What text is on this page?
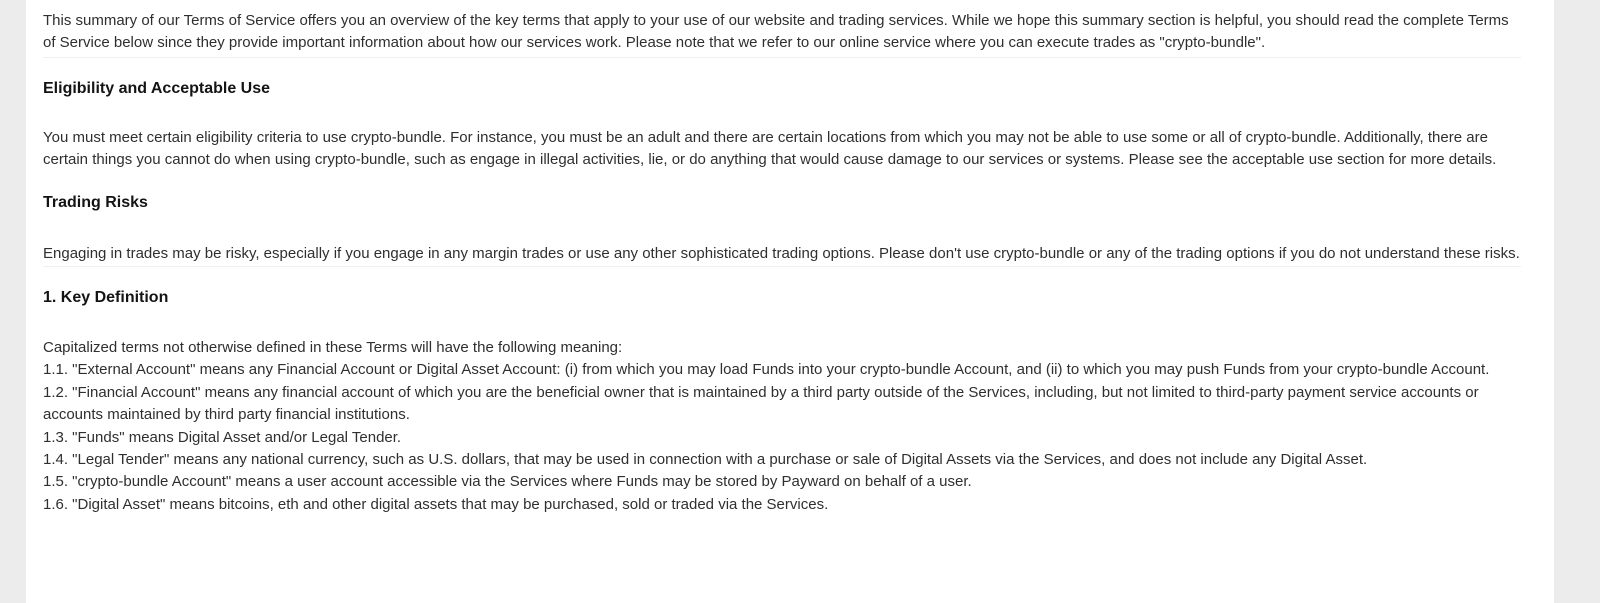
This summary of our Terms of Service offers you an overview of the key terms that apply to your use of our website and trading services. While we hope this summary section is helpful, you should read the complete Terms of Service below since they provide important information about how our services work. Please note that we refer to our online service where you can execute trades as "crypto-bundle".

Eligibility and Acceptable Use

You must meet certain eligibility criteria to use crypto-bundle. For instance, you must be an adult and there are certain locations from which you may not be able to use some or all of crypto-bundle. Additionally, there are certain things you cannot do when using crypto-bundle, such as engage in illegal activities, lie, or do anything that would cause damage to our services or systems. Please see the acceptable use section for more details.

Trading Risks

Engaging in trades may be risky, especially if you engage in any margin trades or use any other sophisticated trading options. Please don't use crypto-bundle or any of the trading options if you do not understand these risks.

1. Key Definition

Capitalized terms not otherwise defined in these Terms will have the following meaning:

1.1. "External Account" means any Financial Account or Digital Asset Account: (i) from which you may load Funds into your crypto-bundle Account, and (ii) to which you may push Funds from your crypto-bundle Account.
1.2. "Financial Account" means any financial account of which you are the beneficial owner that is maintained by a third party outside of the Services, including, but not limited to third-party payment service accounts or accounts maintained by third party financial institutions.
1.3. "Funds" means Digital Asset and/or Legal Tender.
1.4. "Legal Tender" means any national currency, such as U.S. dollars, that may be used in connection with a purchase or sale of Digital Assets via the Services, and does not include any Digital Asset.
1.5. "crypto-bundle Account" means a user account accessible via the Services where Funds may be stored by Payward on behalf of a user.
1.6. "Digital Asset" means bitcoins, eth and other digital assets that may be purchased, sold or traded via the Services.
